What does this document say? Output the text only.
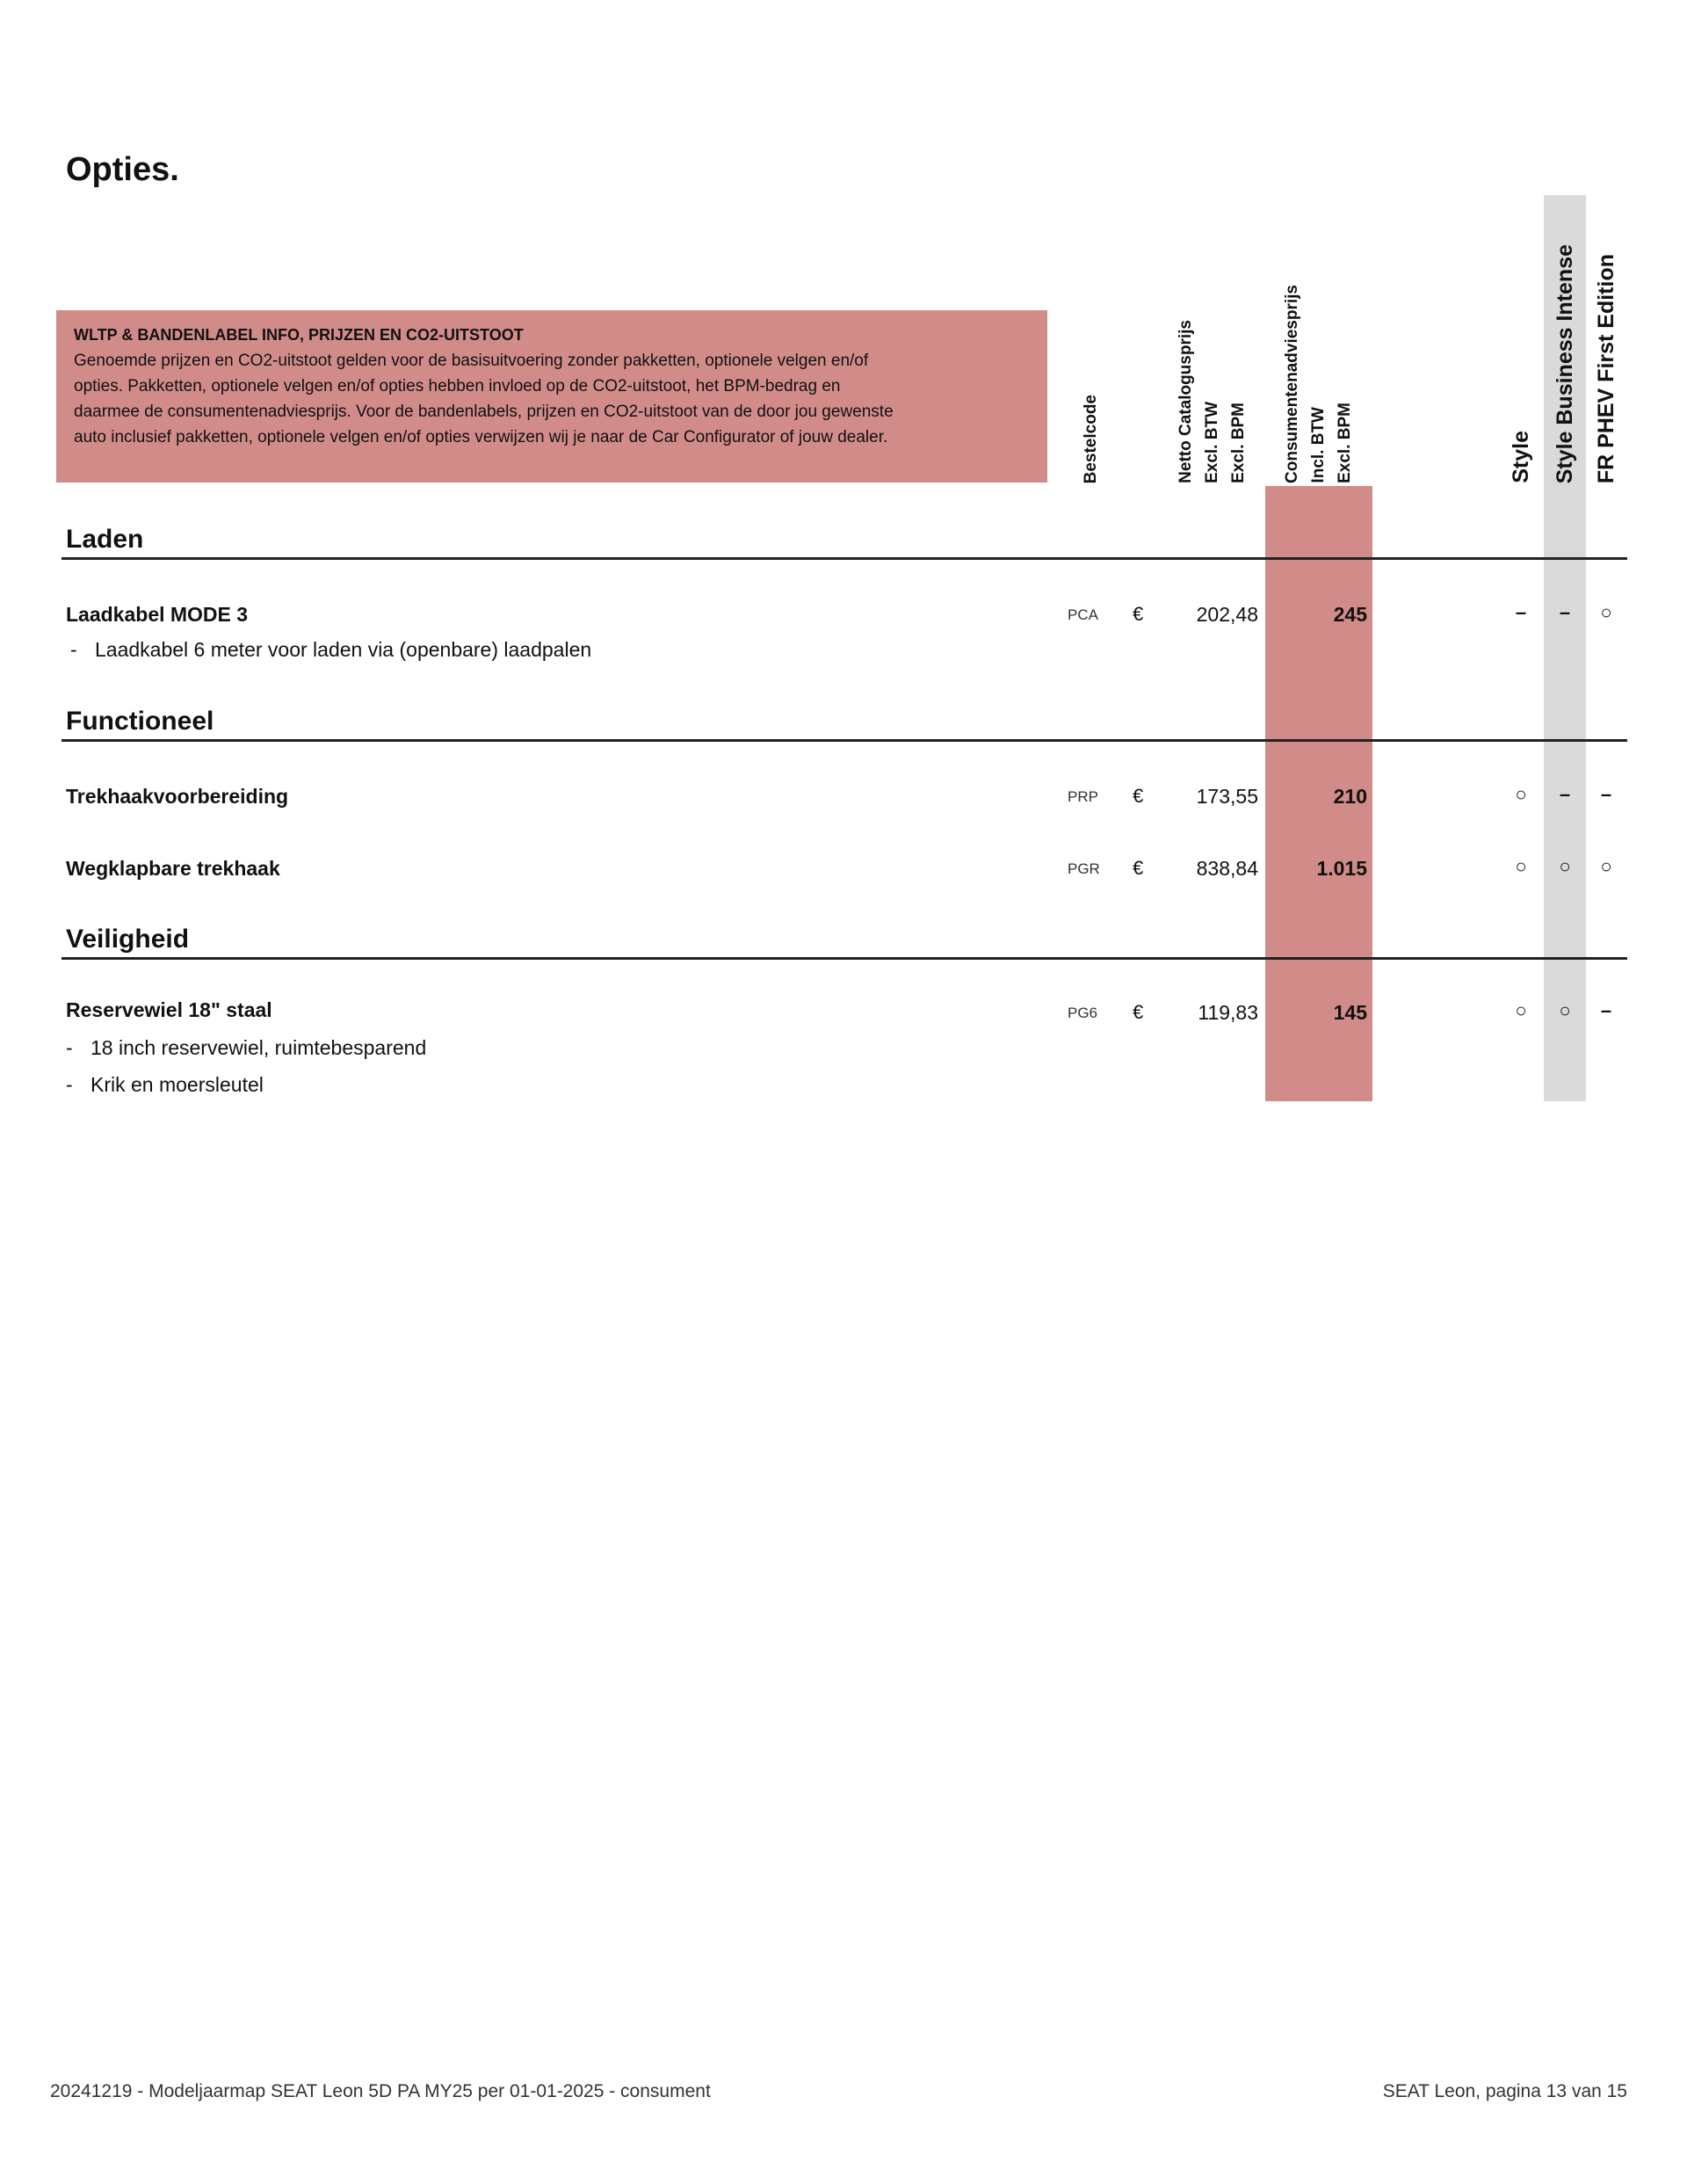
Opties.
WLTP & BANDENLABEL INFO, PRIJZEN EN CO2-UITSTOOT
Genoemde prijzen en CO2-uitstoot gelden voor de basisuitvoering zonder pakketten, optionele velgen en/of
opties. Pakketten, optionele velgen en/of opties hebben invloed op de CO2-uitstoot, het BPM-bedrag en
daarmee de consumentenadviesprijs. Voor de bandenlabels, prijzen en CO2-uitstoot van de door jou gewenste
auto inclusief pakketten, optionele velgen en/of opties verwijzen wij je naar de Car Configurator of jouw dealer.	Bestelcode	Netto Catalogusprijs Excl. BTW Excl. BPM Consumentenadviesprijs Incl. BTW Excl. BPM	Style Style Business Intense FR PHEV First Edition
Laden
Laadkabel MODE 3	PCA	€	202,48	245	–	–	○
- Laadkabel 6 meter voor laden via (openbare) laadpalen
Functioneel
Trekhaakvoorbereiding	PRP	€	173,55	210	○	–	–
Wegklapbare trekhaak	PGR	€	838,84	1.015	○	○	○
Veiligheid
Reservewiel 18" staal	PG6	€	119,83	145	○	○	–
- 18 inch reservewiel, ruimtebesparend
- Krik en moersleutel
20241219 - Modeljaarmap SEAT Leon 5D PA MY25 per 01-01-2025 - consument	SEAT Leon, pagina 13 van 15
